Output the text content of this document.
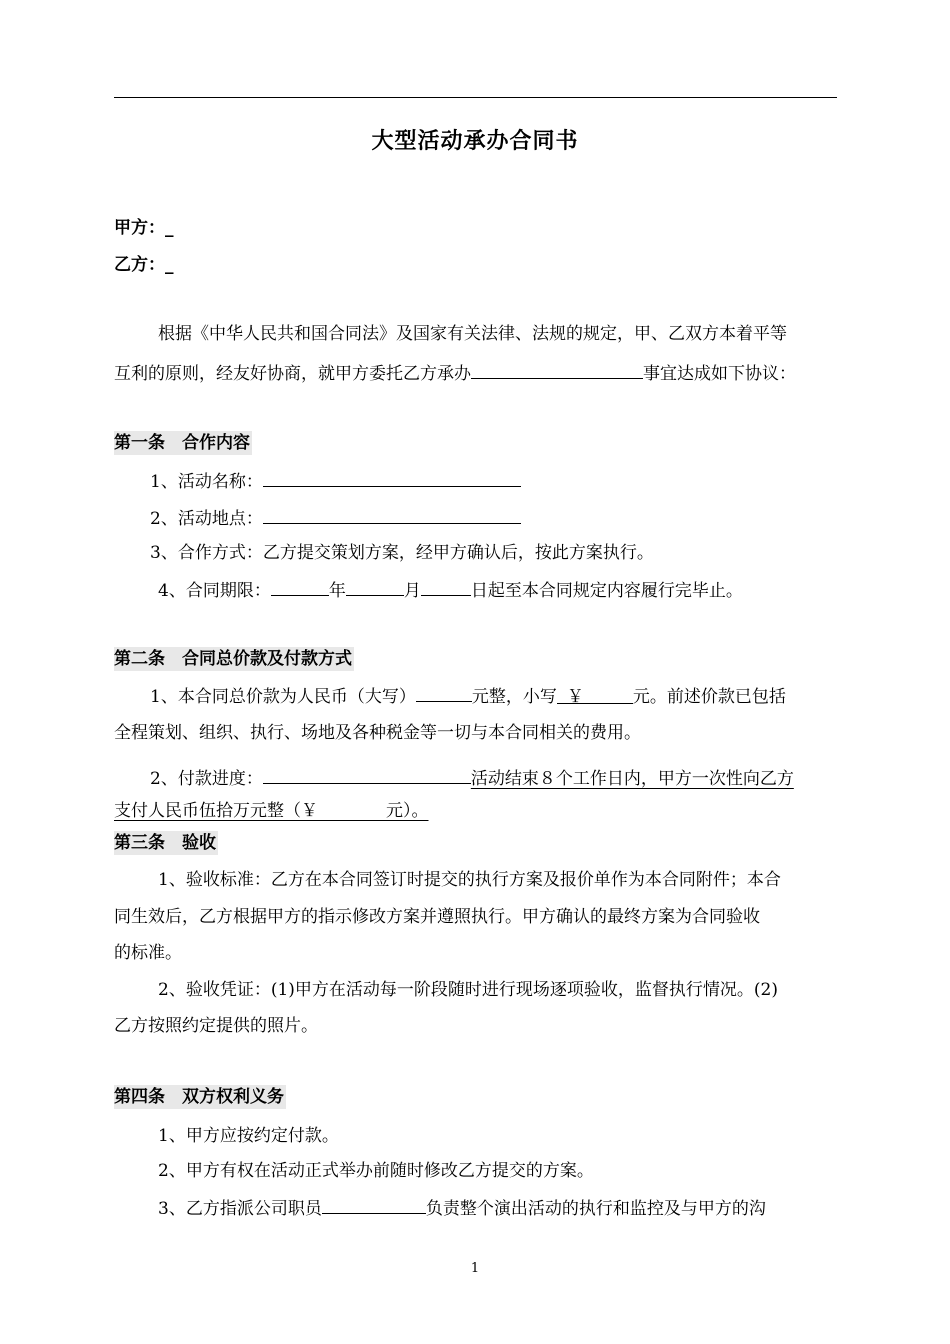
大型活动承办合同书
甲方：_
乙方：_
根据《中华人民共和国合同法》及国家有关法律、法规的规定，甲、乙双方本着平等
互利的原则，经友好协商，就甲方委托乙方承办	事宜达成如下协议：
第一条　合作内容
1、活动名称：
2、活动地点：
3、合作方式：乙方提交策划方案，经甲方确认后，按此方案执行。
4、合同期限：	年	月	日起至本合同规定内容履行完毕止。
第二条　合同总价款及付款方式
1、本合同总价款为人民币（大写）	元整，小写 ￥	元。前述价款已包括
全程策划、组织、执行、场地及各种税金等一切与本合同相关的费用。
2、付款进度：	活动结束８个工作日内，甲方一次性向乙方
支付人民币伍拾万元整（￥　　　　元）。
第三条　验收
1、验收标准：乙方在本合同签订时提交的执行方案及报价单作为本合同附件；本合
同生效后，乙方根据甲方的指示修改方案并遵照执行。甲方确认的最终方案为合同验收
的标准。
2、验收凭证：(1)甲方在活动每一阶段随时进行现场逐项验收，监督执行情况。(2)
乙方按照约定提供的照片。
第四条　双方权利义务
1、甲方应按约定付款。
2、甲方有权在活动正式举办前随时修改乙方提交的方案。
3、乙方指派公司职员	负责整个演出活动的执行和监控及与甲方的沟
1
